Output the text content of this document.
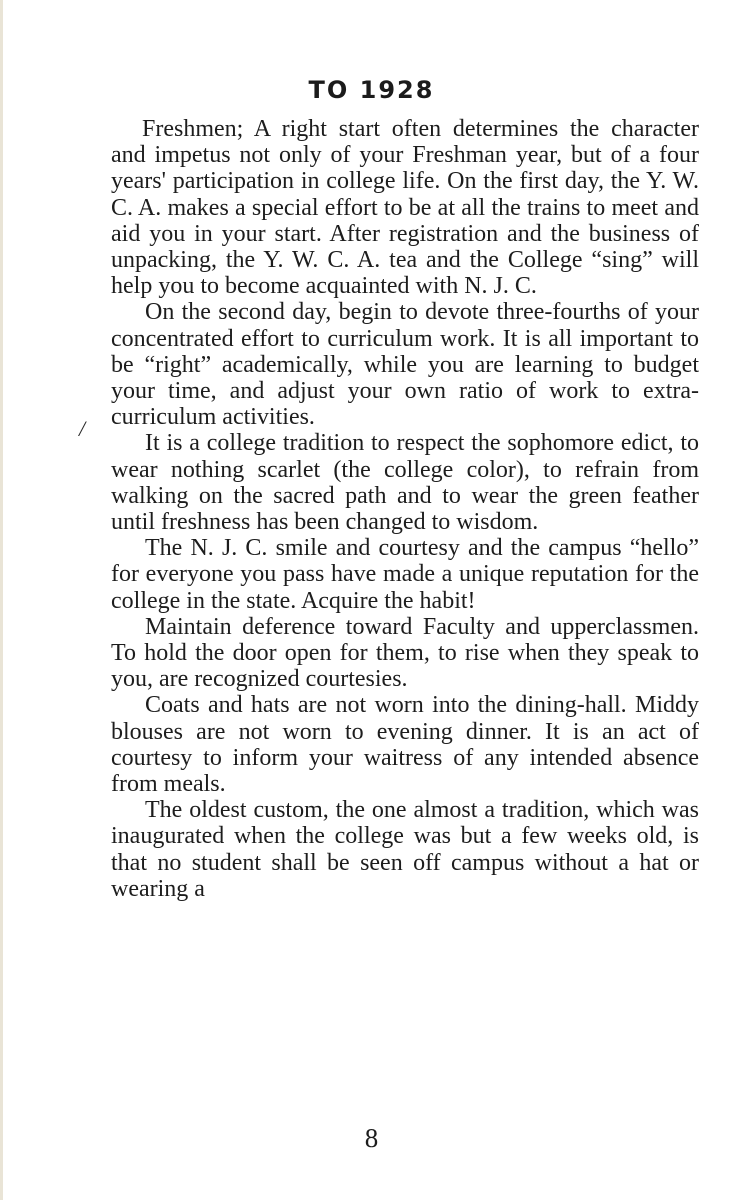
TO 1928
/

Freshmen; A right start often determines the character and impetus not only of your Freshman year, but of a four years' participation in college life. On the first day, the Y. W. C. A. makes a special effort to be at all the trains to meet and aid you in your start. After registration and the business of unpacking, the Y. W. C. A. tea and the College “sing” will help you to become acquainted with N. J. C.

On the second day, begin to devote three-fourths of your concentrated effort to curriculum work. It is all important to be “right” academically, while you are learning to budget your time, and adjust your own ratio of work to extra-curriculum activities.

It is a college tradition to respect the sophomore edict, to wear nothing scarlet (the college color), to refrain from walking on the sacred path and to wear the green feather until freshness has been changed to wisdom.

The N. J. C. smile and courtesy and the campus “hello” for everyone you pass have made a unique reputation for the college in the state. Acquire the habit!

Maintain deference toward Faculty and upperclassmen. To hold the door open for them, to rise when they speak to you, are recognized courtesies.

Coats and hats are not worn into the dining-hall. Middy blouses are not worn to evening dinner. It is an act of courtesy to inform your waitress of any intended absence from meals.

The oldest custom, the one almost a tradition, which was inaugurated when the college was but a few weeks old, is that no student shall be seen off campus without a hat or wearing a

8
